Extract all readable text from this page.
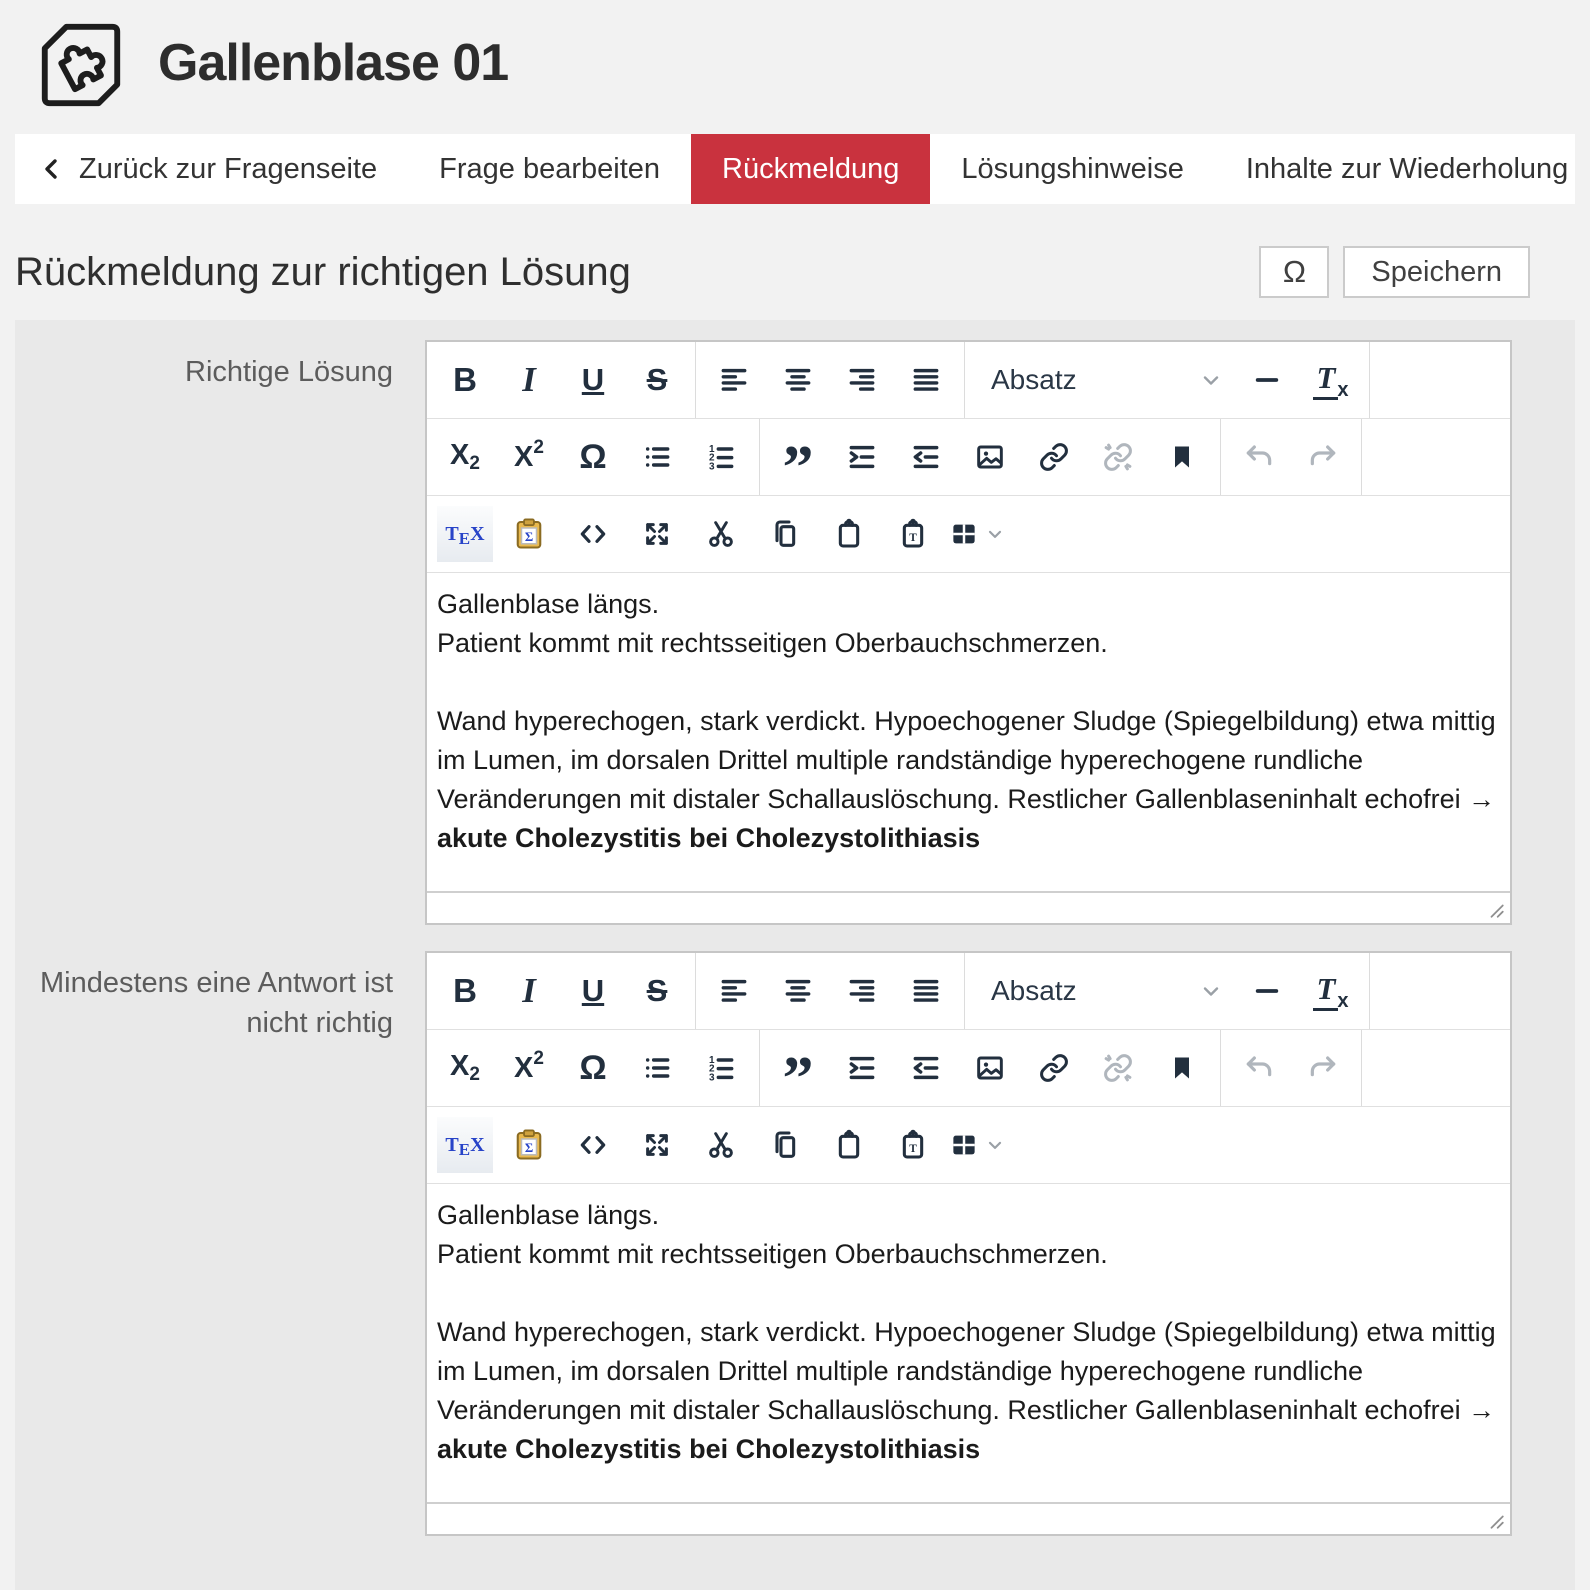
Gallenblase 01
Zurück zur Fragenseite Frage bearbeiten Rückmeldung Lösungshinweise Inhalte zur Wiederholung
Rückmeldung zur richtigen Lösung	Ω	Speichern
Richtige Lösung	B I U S	Absatz	T x
X 2 X 2 Ω	1
2
3 ”
T E X	Σ	T

Gallenblase längs.
Patient kommt mit rechtsseitigen Oberbauchschmerzen.

Wand hyperechogen, stark verdickt. Hypoechogener Sludge (Spiegelbildung) etwa mittig im Lumen, im dorsalen Drittel multiple randständige hyperechogene rundliche Veränderungen mit distaler Schallauslöschung. Restlicher Gallenblaseninhalt echofrei → akute Cholezystitis bei Cholezystolithiasis

Mindestens eine Antwort ist nicht richtig
B I U S	Absatz	T x
X 2 X 2 Ω	1
2
3 ”
T E X	Σ	T

Gallenblase längs.
Patient kommt mit rechtsseitigen Oberbauchschmerzen.

Wand hyperechogen, stark verdickt. Hypoechogener Sludge (Spiegelbildung) etwa mittig im Lumen, im dorsalen Drittel multiple randständige hyperechogene rundliche Veränderungen mit distaler Schallauslöschung. Restlicher Gallenblaseninhalt echofrei → akute Cholezystitis bei Cholezystolithiasis
